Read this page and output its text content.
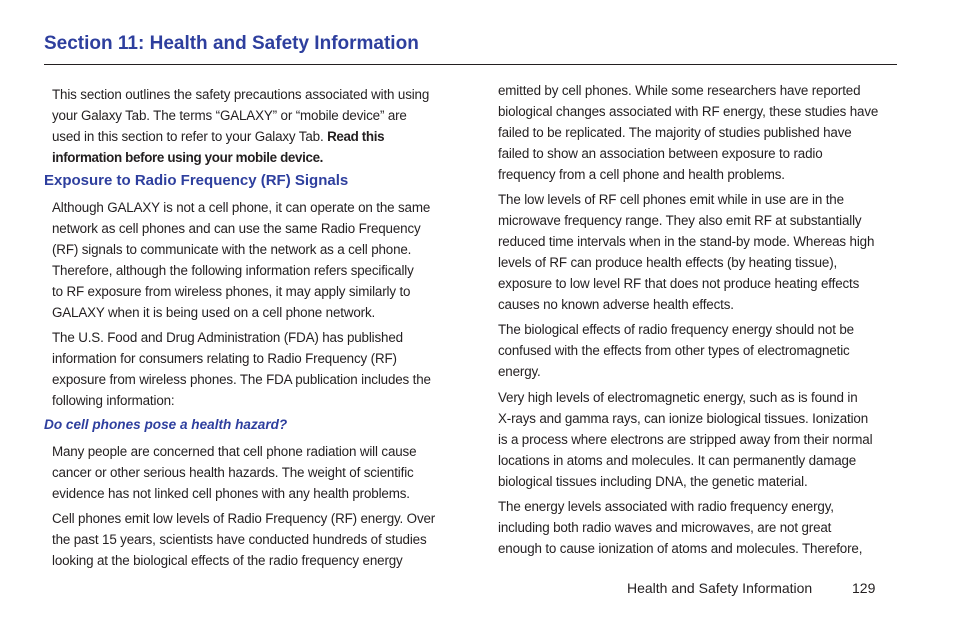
Section 11: Health and Safety Information

This section outlines the safety precautions associated with using
your Galaxy Tab. The terms “GALAXY” or “mobile device” are
used in this section to refer to your Galaxy Tab. Read this
information before using your mobile device.

Exposure to Radio Frequency (RF) Signals

Although GALAXY is not a cell phone, it can operate on the same
network as cell phones and can use the same Radio Frequency
(RF) signals to communicate with the network as a cell phone.
Therefore, although the following information refers specifically
to RF exposure from wireless phones, it may apply similarly to
GALAXY when it is being used on a cell phone network.

The U.S. Food and Drug Administration (FDA) has published
information for consumers relating to Radio Frequency (RF)
exposure from wireless phones. The FDA publication includes the
following information:

Do cell phones pose a health hazard?

Many people are concerned that cell phone radiation will cause
cancer or other serious health hazards. The weight of scientific
evidence has not linked cell phones with any health problems.

Cell phones emit low levels of Radio Frequency (RF) energy. Over
the past 15 years, scientists have conducted hundreds of studies
looking at the biological effects of the radio frequency energy

emitted by cell phones. While some researchers have reported
biological changes associated with RF energy, these studies have
failed to be replicated. The majority of studies published have
failed to show an association between exposure to radio
frequency from a cell phone and health problems.

The low levels of RF cell phones emit while in use are in the
microwave frequency range. They also emit RF at substantially
reduced time intervals when in the stand-by mode. Whereas high
levels of RF can produce health effects (by heating tissue),
exposure to low level RF that does not produce heating effects
causes no known adverse health effects.

The biological effects of radio frequency energy should not be
confused with the effects from other types of electromagnetic
energy.

Very high levels of electromagnetic energy, such as is found in
X-rays and gamma rays, can ionize biological tissues. Ionization
is a process where electrons are stripped away from their normal
locations in atoms and molecules. It can permanently damage
biological tissues including DNA, the genetic material.

The energy levels associated with radio frequency energy,
including both radio waves and microwaves, are not great
enough to cause ionization of atoms and molecules. Therefore,

Health and Safety Information	129
